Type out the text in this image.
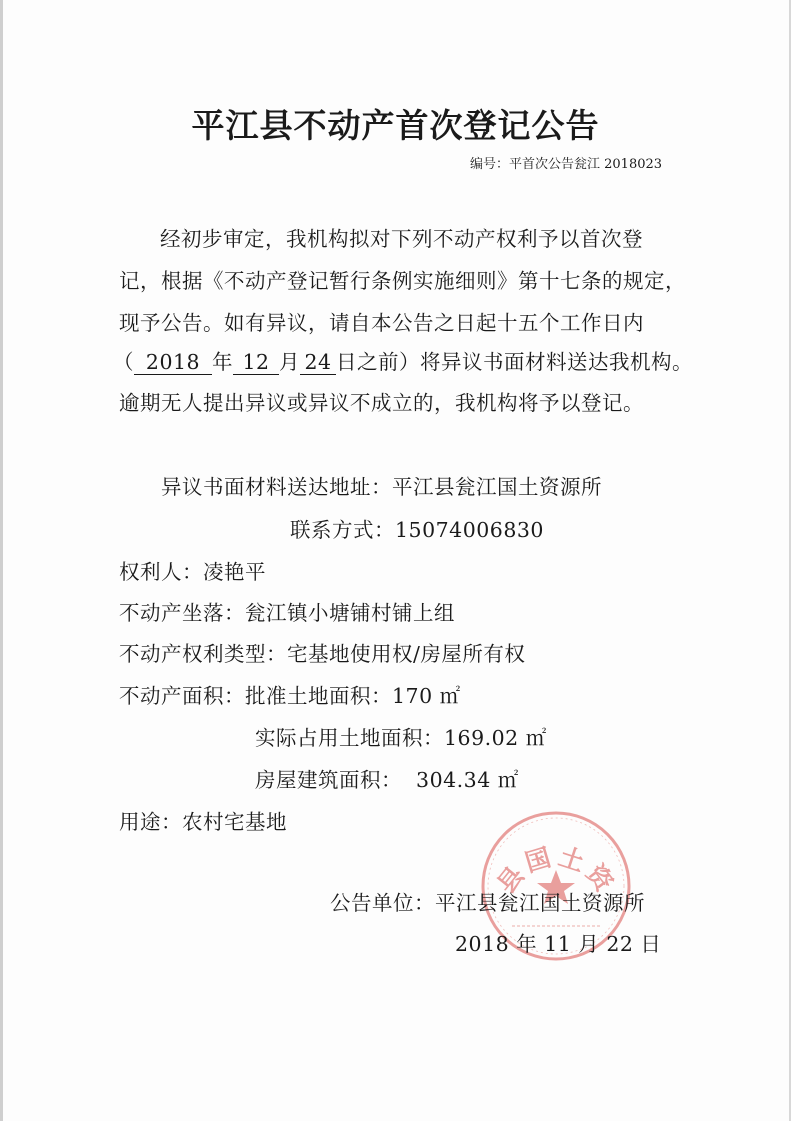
平江县不动产首次登记公告
编号：平首次公告瓮江 2018023
经初步审定，我机构拟对下列不动产权利予以首次登
记，根据《不动产登记暂行条例实施细则》第十七条的规定，
现予公告。如有异议，请自本公告之日起十五个工作日内
（ 2018 年 12 月 24 日之前）将异议书面材料送达我机构。
逾期无人提出异议或异议不成立的，我机构将予以登记。
异议书面材料送达地址：平江县瓮江国土资源所
联系方式：15074006830
权利人：凌艳平
不动产坐落：瓮江镇小塘铺村铺上组
不动产权利类型：宅基地使用权/房屋所有权
不动产面积：批准土地面积：170 ㎡
实际占用土地面积：169.02 ㎡
房屋建筑面积：  304.34 ㎡
用途：农村宅基地
县国土资
公告单位：平江县瓮江国土资源所
2018 年 11 月 22 日
